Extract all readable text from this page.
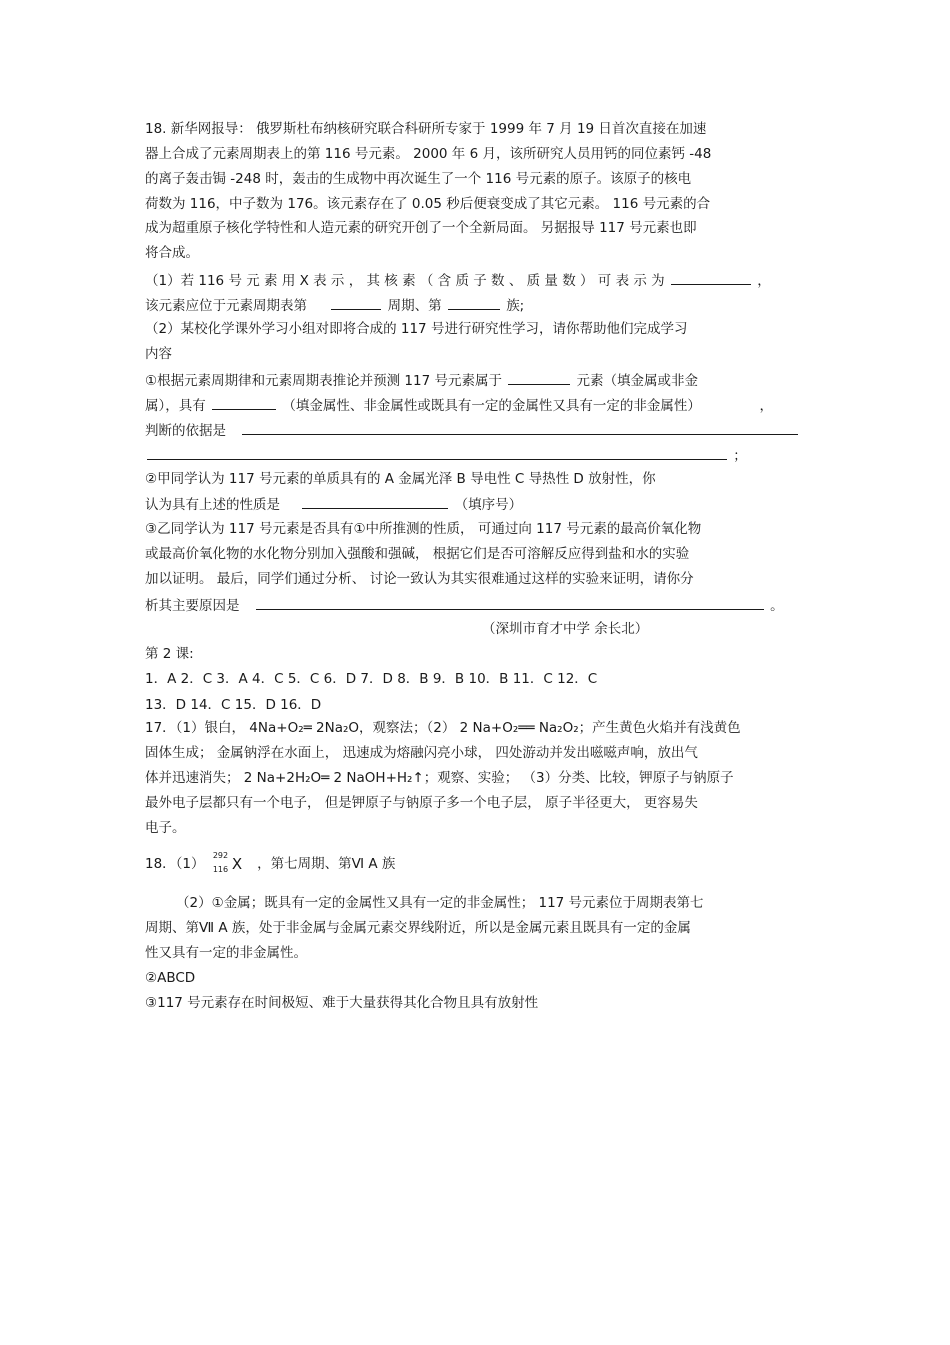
18. 新华网报导： 俄罗斯杜布纳核研究联合科研所专家于 1999 年 7 月 19 日首次直接在加速
器上合成了元素周期表上的第 116 号元素。 2000 年 6 月，该所研究人员用钙的同位素钙 -48
的离子轰击锔 -248 时，轰击的生成物中再次诞生了一个 116 号元素的原子。该原子的核电
荷数为 116，中子数为 176。该元素存在了 0.05 秒后便衰变成了其它元素。 116 号元素的合
成为超重原子核化学特性和人造元素的研究开创了一个全新局面。 另据报导 117 号元素也即
将合成。
（1）若 116 号 元 素 用 X 表 示 ， 其 核 素 （ 含 质 子 数 、 质 量 数 ） 可 表 示 为	，
该元素应位于元素周期表第	周期、第	族;
（2）某校化学课外学习小组对即将合成的 117 号进行研究性学习，请你帮助他们完成学习
内容
①根据元素周期律和元素周期表推论并预测 117 号元素属于	元素（填金属或非金
属），具有	（填金属性、非金属性或既具有一定的金属性又具有一定的非金属性）	，
判断的依据是
；
②甲同学认为 117 号元素的单质具有的 A 金属光泽 B 导电性 C 导热性 D 放射性，你
认为具有上述的性质是	（填序号）
③乙同学认为 117 号元素是否具有①中所推测的性质， 可通过向 117 号元素的最高价氧化物
或最高价氧化物的水化物分别加入强酸和强碱， 根据它们是否可溶解反应得到盐和水的实验
加以证明。 最后，同学们通过分析、 讨论一致认为其实很难通过这样的实验来证明，请你分
析其主要原因是	。
（深圳市育才中学 余长北）
第 2 课:
1．A 2．C 3．A 4．C 5．C 6．D 7．D 8．B 9．B 10．B 11．C 12．C
13．D 14．C 15．D 16．D
17．（1）银白， 4Na+O₂═ 2Na₂O，观察法；（2） 2 Na+O₂══ Na₂O₂；产生黄色火焰并有浅黄色
固体生成； 金属钠浮在水面上， 迅速成为熔融闪亮小球， 四处游动并发出嗞嗞声响，放出气
体并迅速消失； 2 Na+2H₂O═ 2 NaOH+H₂↑；观察、实验； （3）分类、比较，钾原子与钠原子
最外电子层都只有一个电子， 但是钾原子与钠原子多一个电子层， 原子半径更大， 更容易失
电子。
18．（1）
292
116 X ，第七周期、第Ⅵ A 族
（2）①金属；既具有一定的金属性又具有一定的非金属性； 117 号元素位于周期表第七
周期、第Ⅶ A 族，处于非金属与金属元素交界线附近，所以是金属元素且既具有一定的金属
性又具有一定的非金属性。
②ABCD
③117 号元素存在时间极短、难于大量获得其化合物且具有放射性
